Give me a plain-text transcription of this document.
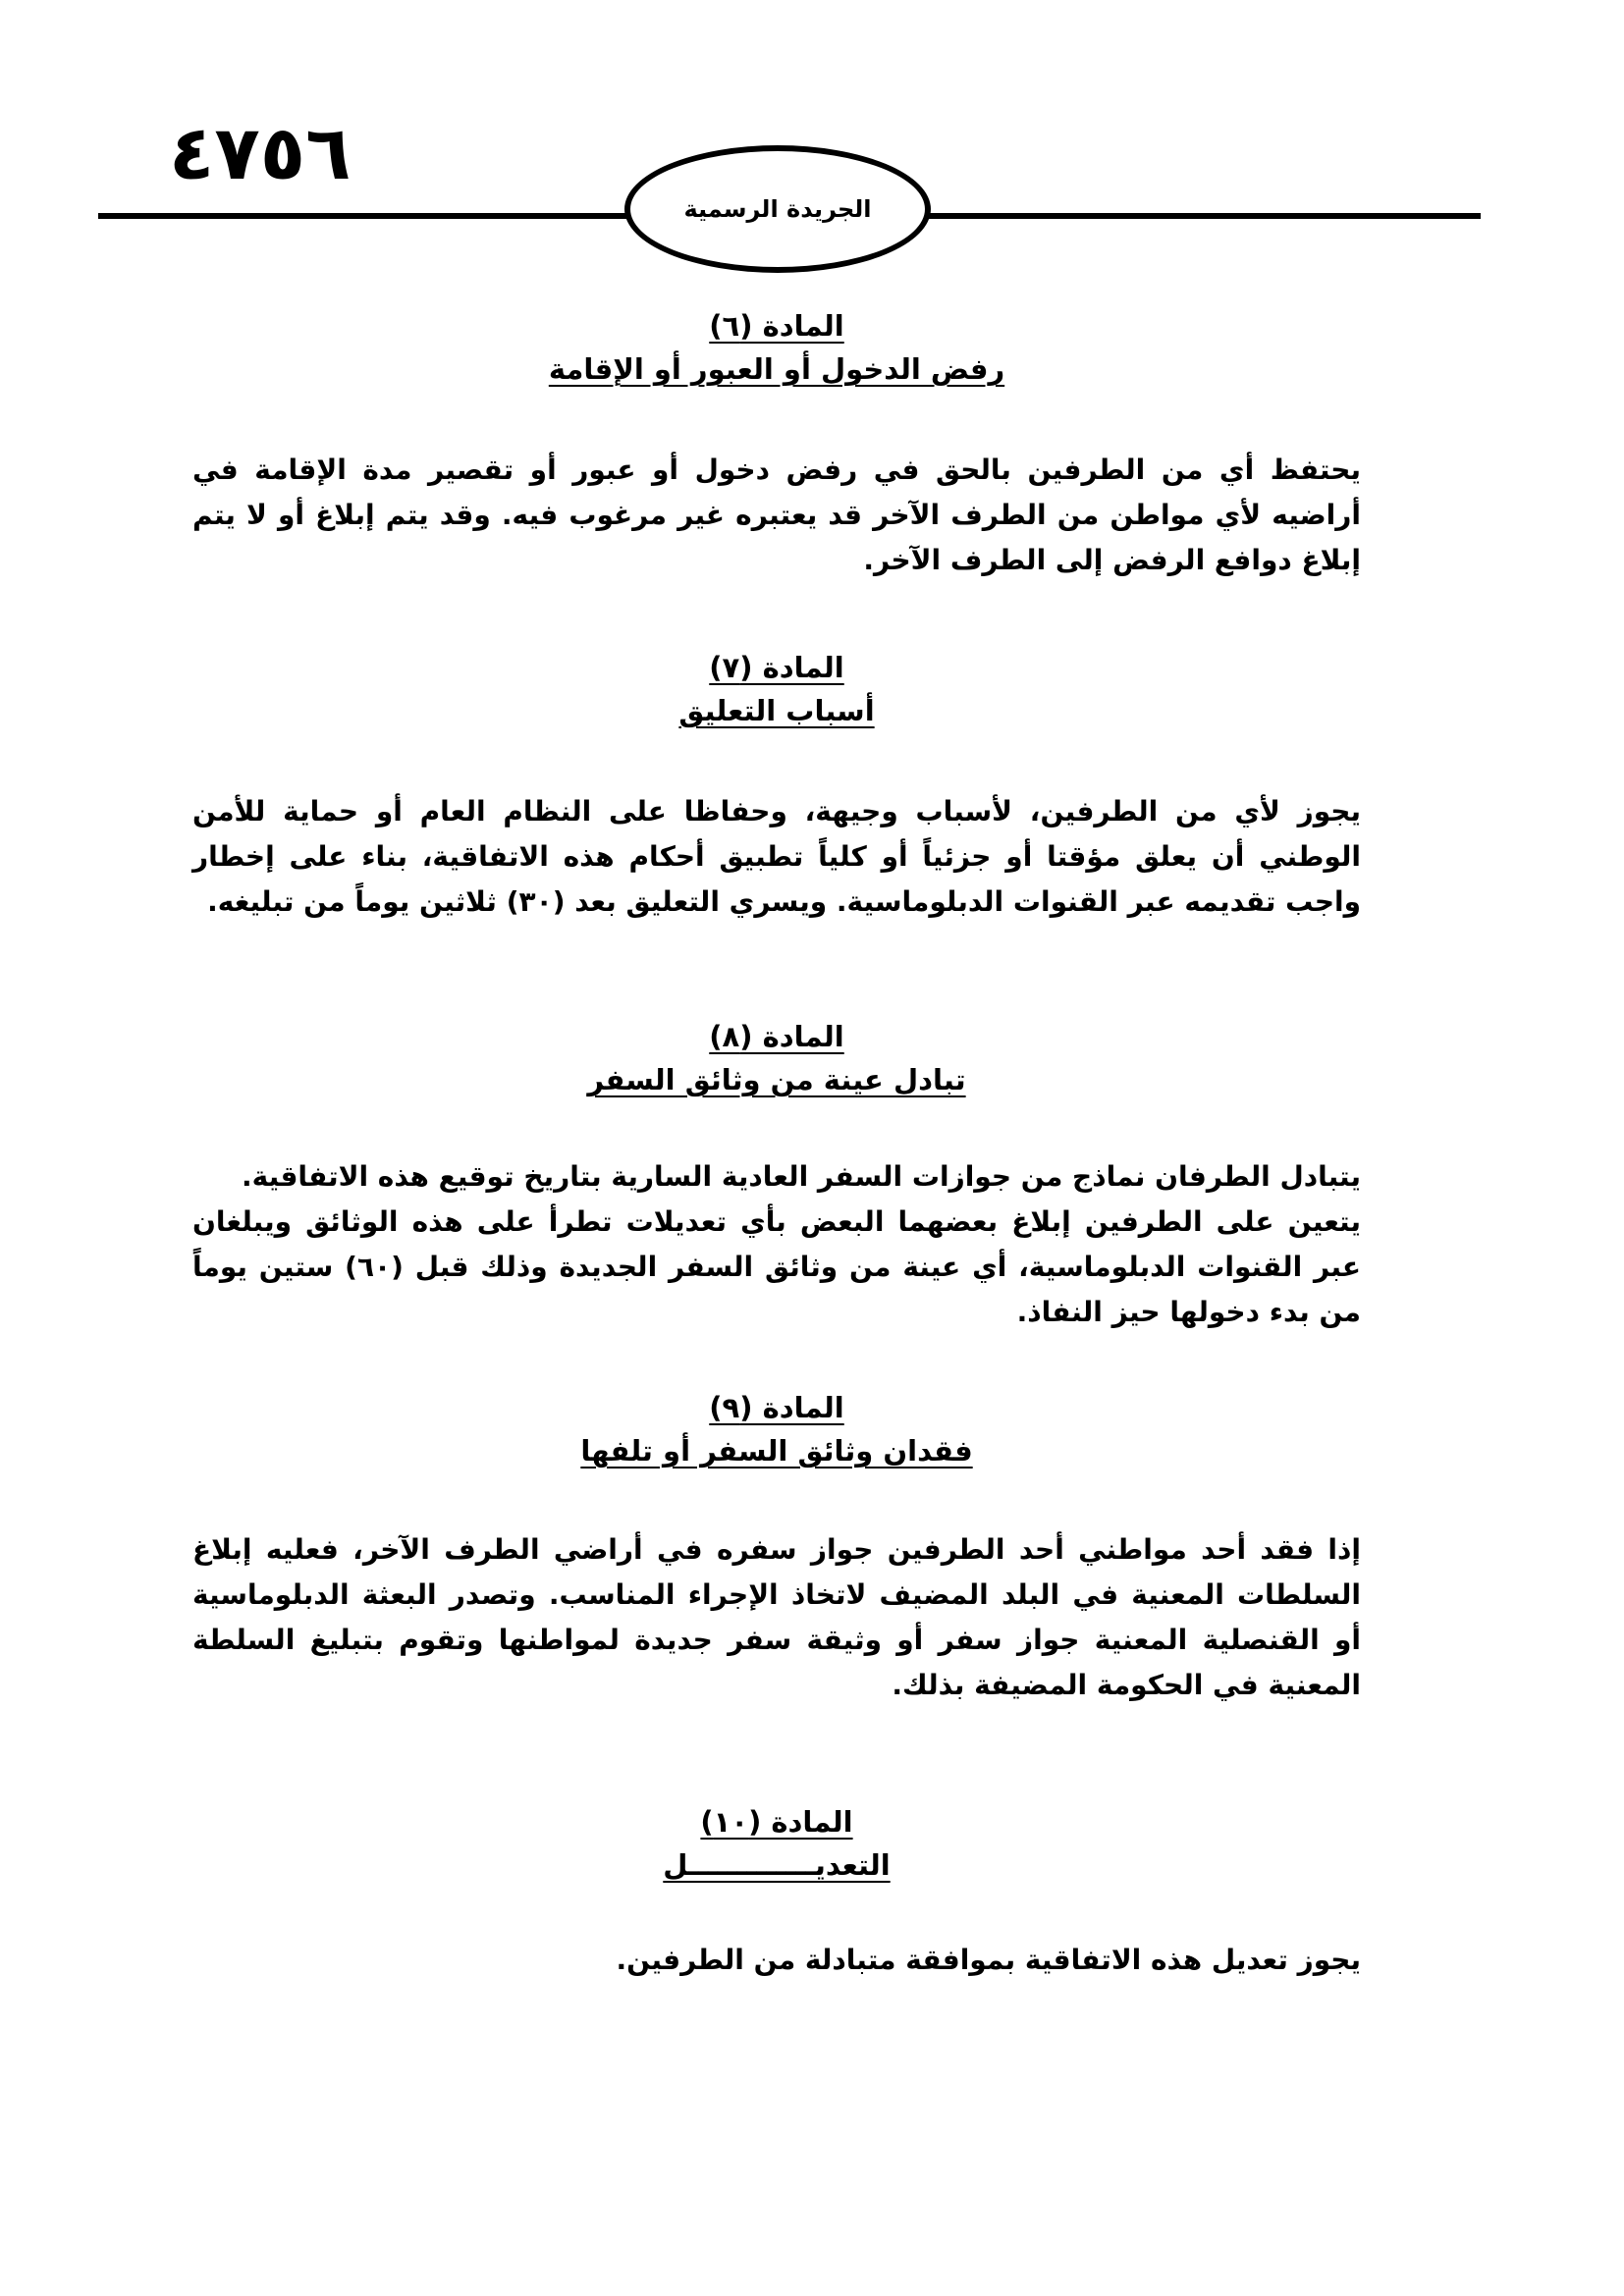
٤٧٥٦
الجريدة الرسمية
المادة (٦)
رفض الدخول أو العبور أو الإقامة

يحتفظ أي من الطرفين بالحق في رفض دخول أو عبور أو تقصير مدة الإقامة في أراضيه لأي مواطن من الطرف الآخر قد يعتبره غير مرغوب فيه. وقد يتم إبلاغ أو لا يتم إبلاغ دوافع الرفض إلى الطرف الآخر.

المادة (٧)
أسباب التعليق

يجوز لأي من الطرفين، لأسباب وجيهة، وحفاظا على النظام العام أو حماية للأمن الوطني أن يعلق مؤقتا أو جزئياً أو كلياً تطبيق أحكام هذه الاتفاقية، بناء على إخطار واجب تقديمه عبر القنوات الدبلوماسية. ويسري التعليق بعد (٣٠) ثلاثين يوماً من تبليغه.

المادة (٨)
تبادل عينة من وثائق السفر

يتبادل الطرفان نماذج من جوازات السفر العادية السارية بتاريخ توقيع هذه الاتفاقية.

يتعين على الطرفين إبلاغ بعضهما البعض بأي تعديلات تطرأ على هذه الوثائق ويبلغان عبر القنوات الدبلوماسية، أي عينة من وثائق السفر الجديدة وذلك قبل (٦٠) ستين يوماً من بدء دخولها حيز النفاذ.

المادة (٩)
فقدان وثائق السفر أو تلفها

إذا فقد أحد مواطني أحد الطرفين جواز سفره في أراضي الطرف الآخر، فعليه إبلاغ السلطات المعنية في البلد المضيف لاتخاذ الإجراء المناسب. وتصدر البعثة الدبلوماسية أو القنصلية المعنية جواز سفر أو وثيقة سفر جديدة لمواطنها وتقوم بتبليغ السلطة المعنية في الحكومة المضيفة بذلك.

المادة (١٠)
التعديـــــــــــــل

يجوز تعديل هذه الاتفاقية بموافقة متبادلة من الطرفين.
